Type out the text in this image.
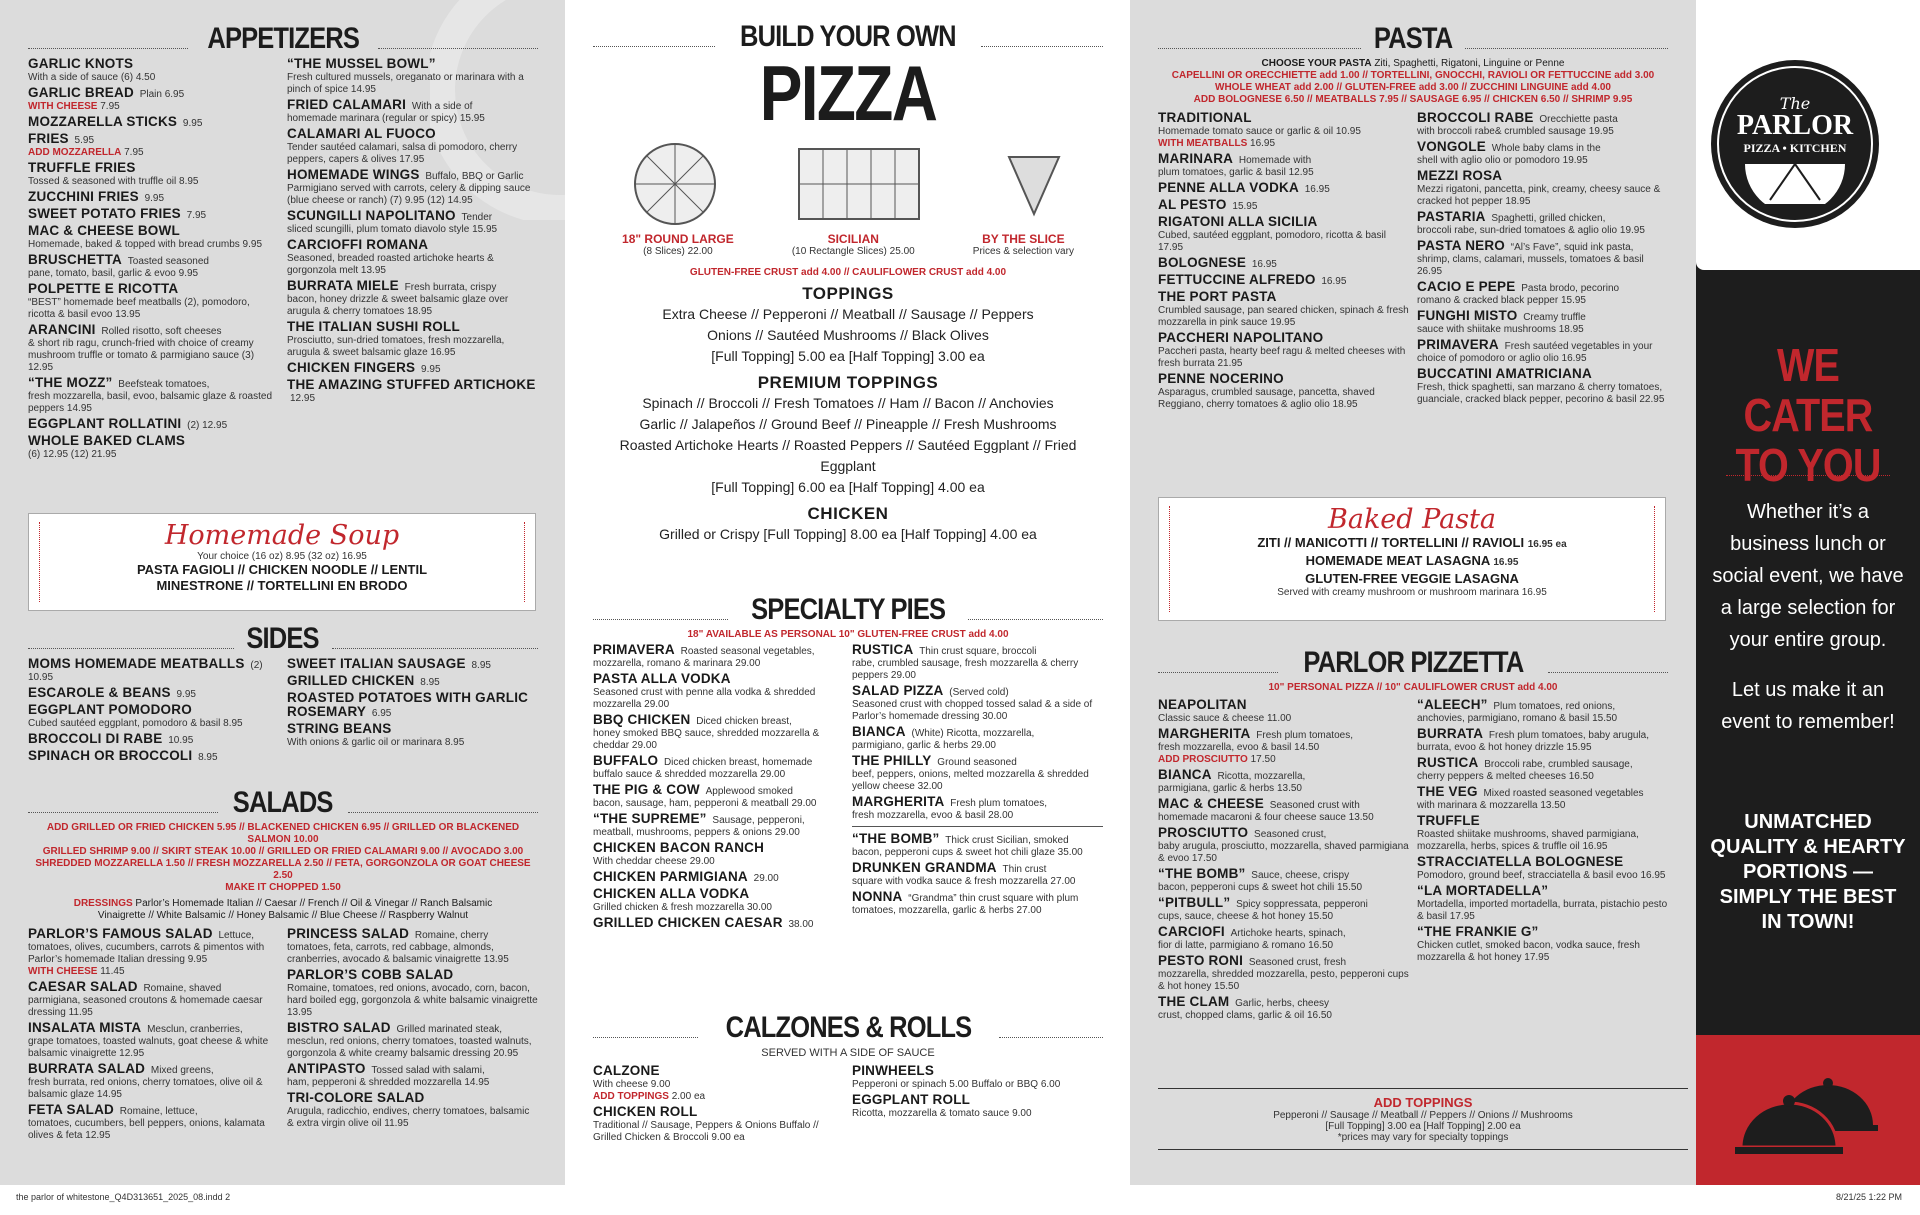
APPETIZERS
GARLIC KNOTS
With a side of sauce (6) 4.50
GARLIC BREAD Plain 6.95
WITH CHEESE 7.95
MOZZARELLA STICKS 9.95
FRIES 5.95
ADD MOZZARELLA 7.95
TRUFFLE FRIES
Tossed & seasoned with truffle oil 8.95
ZUCCHINI FRIES 9.95
SWEET POTATO FRIES 7.95
MAC & CHEESE BOWL
Homemade, baked & topped with bread crumbs 9.95
BRUSCHETTA Toasted seasoned
pane, tomato, basil, garlic & evoo 9.95
POLPETTE E RICOTTA
“BEST” homemade beef meatballs (2), pomodoro, ricotta & basil evoo 13.95
ARANCINI Rolled risotto, soft cheeses
& short rib ragu, crunch-fried with choice of creamy mushroom truffle or tomato & parmigiano sauce (3) 12.95
“THE MOZZ” Beefsteak tomatoes,
fresh mozzarella, basil, evoo, balsamic glaze & roasted peppers 14.95
EGGPLANT ROLLATINI (2) 12.95
WHOLE BAKED CLAMS
(6) 12.95 (12) 21.95
“THE MUSSEL BOWL”
Fresh cultured mussels, oreganato or marinara with a pinch of spice 14.95
FRIED CALAMARI With a side of
homemade marinara (regular or spicy) 15.95
CALAMARI AL FUOCO
Tender sautéed calamari, salsa di pomodoro, cherry peppers, capers & olives 17.95
HOMEMADE WINGS Buffalo, BBQ or Garlic
Parmigiano served with carrots, celery & dipping sauce (blue cheese or ranch) (7) 9.95 (12) 14.95
SCUNGILLI NAPOLITANO Tender
sliced scungilli, plum tomato diavolo style 15.95
CARCIOFFI ROMANA
Seasoned, breaded roasted artichoke hearts & gorgonzola melt 13.95
BURRATA MIELE Fresh burrata, crispy
bacon, honey drizzle & sweet balsamic glaze over arugula & cherry tomatoes 18.95
THE ITALIAN SUSHI ROLL
Prosciutto, sun-dried tomatoes, fresh mozzarella, arugula & sweet balsamic glaze 16.95
CHICKEN FINGERS 9.95
THE AMAZING STUFFED ARTICHOKE 12.95
Homemade Soup
Your choice (16 oz) 8.95 (32 oz) 16.95
PASTA FAGIOLI // CHICKEN NOODLE // LENTIL
MINESTRONE // TORTELLINI EN BRODO
SIDES
MOMS HOMEMADE MEATBALLS (2) 10.95
ESCAROLE & BEANS 9.95
EGGPLANT POMODORO
Cubed sautéed eggplant, pomodoro & basil 8.95
BROCCOLI DI RABE 10.95
SPINACH OR BROCCOLI 8.95
SWEET ITALIAN SAUSAGE 8.95
GRILLED CHICKEN 8.95
ROASTED POTATOES WITH GARLIC ROSEMARY 6.95
STRING BEANS
With onions & garlic oil or marinara 8.95
SALADS
ADD GRILLED OR FRIED CHICKEN 5.95 // BLACKENED CHICKEN 6.95 // GRILLED OR BLACKENED SALMON 10.00
GRILLED SHRIMP 9.00 // SKIRT STEAK 10.00 // GRILLED OR FRIED CALAMARI 9.00 // AVOCADO 3.00
SHREDDED MOZZARELLA 1.50 // FRESH MOZZARELLA 2.50 // FETA, GORGONZOLA OR GOAT CHEESE 2.50
MAKE IT CHOPPED 1.50
DRESSINGS Parlor’s Homemade Italian // Caesar // French // Oil & Vinegar // Ranch Balsamic Vinaigrette // White Balsamic // Honey Balsamic // Blue Cheese // Raspberry Walnut
PARLOR’S FAMOUS SALAD Lettuce,
tomatoes, olives, cucumbers, carrots & pimentos with Parlor’s homemade Italian dressing 9.95
WITH CHEESE 11.45
CAESAR SALAD Romaine, shaved
parmigiana, seasoned croutons & homemade caesar dressing 11.95
INSALATA MISTA Mesclun, cranberries,
grape tomatoes, toasted walnuts, goat cheese & white balsamic vinaigrette 12.95
BURRATA SALAD Mixed greens,
fresh burrata, red onions, cherry tomatoes, olive oil & balsamic glaze 14.95
FETA SALAD Romaine, lettuce,
tomatoes, cucumbers, bell peppers, onions, kalamata olives & feta 12.95
PRINCESS SALAD Romaine, cherry
tomatoes, feta, carrots, red cabbage, almonds, cranberries, avocado & balsamic vinaigrette 13.95
PARLOR’S COBB SALAD
Romaine, tomatoes, red onions, avocado, corn, bacon, hard boiled egg, gorgonzola & white balsamic vinaigrette 13.95
BISTRO SALAD Grilled marinated steak,
mesclun, red onions, cherry tomatoes, toasted walnuts, gorgonzola & white creamy balsamic dressing 20.95
ANTIPASTO Tossed salad with salami,
ham, pepperoni & shredded mozzarella 14.95
TRI-COLORE SALAD
Arugula, radicchio, endives, cherry tomatoes, balsamic & extra virgin olive oil 11.95
BUILD YOUR OWN
PIZZA
18" ROUND LARGE
(8 Slices) 22.00
SICILIAN
(10 Rectangle Slices) 25.00
BY THE SLICE
Prices & selection vary
GLUTEN-FREE CRUST add 4.00 // CAULIFLOWER CRUST add 4.00
TOPPINGS
Extra Cheese // Pepperoni // Meatball // Sausage // Peppers
Onions // Sautéed Mushrooms // Black Olives
[Full Topping] 5.00 ea [Half Topping] 3.00 ea
PREMIUM TOPPINGS
Spinach // Broccoli // Fresh Tomatoes // Ham // Bacon // Anchovies
Garlic // Jalapeños // Ground Beef // Pineapple // Fresh Mushrooms
Roasted Artichoke Hearts // Roasted Peppers // Sautéed Eggplant // Fried Eggplant
[Full Topping] 6.00 ea [Half Topping] 4.00 ea
CHICKEN
Grilled or Crispy [Full Topping] 8.00 ea [Half Topping] 4.00 ea
SPECIALTY PIES
18" AVAILABLE AS PERSONAL 10" GLUTEN-FREE CRUST add 4.00
PRIMAVERA Roasted seasonal vegetables,
mozzarella, romano & marinara 29.00
PASTA ALLA VODKA
Seasoned crust with penne alla vodka & shredded mozzarella 29.00
BBQ CHICKEN Diced chicken breast,
honey smoked BBQ sauce, shredded mozzarella & cheddar 29.00
BUFFALO Diced chicken breast, homemade
buffalo sauce & shredded mozzarella 29.00
THE PIG & COW Applewood smoked
bacon, sausage, ham, pepperoni & meatball 29.00
“THE SUPREME” Sausage, pepperoni,
meatball, mushrooms, peppers & onions 29.00
CHICKEN BACON RANCH
With cheddar cheese 29.00
CHICKEN PARMIGIANA 29.00
CHICKEN ALLA VODKA
Grilled chicken & fresh mozzarella 30.00
GRILLED CHICKEN CAESAR 38.00
RUSTICA Thin crust square, broccoli
rabe, crumbled sausage, fresh mozzarella & cherry peppers 29.00
SALAD PIZZA (Served cold)
Seasoned crust with chopped tossed salad & a side of Parlor’s homemade dressing 30.00
BIANCA (White) Ricotta, mozzarella,
parmigiano, garlic & herbs 29.00
THE PHILLY Ground seasoned
beef, peppers, onions, melted mozzarella & shredded yellow cheese 32.00
MARGHERITA Fresh plum tomatoes,
fresh mozzarella, evoo & basil 28.00
“THE BOMB” Thick crust Sicilian, smoked
bacon, pepperoni cups & sweet hot chili glaze 35.00
DRUNKEN GRANDMA Thin crust
square with vodka sauce & fresh mozzarella 27.00
NONNA “Grandma” thin crust square with plum
tomatoes, mozzarella, garlic & herbs 27.00
CALZONES & ROLLS
SERVED WITH A SIDE OF SAUCE
CALZONE
With cheese 9.00
ADD TOPPINGS 2.00 ea
CHICKEN ROLL
Traditional // Sausage, Peppers & Onions Buffalo // Grilled Chicken & Broccoli 9.00 ea
PINWHEELS
Pepperoni or spinach 5.00 Buffalo or BBQ 6.00
EGGPLANT ROLL
Ricotta, mozzarella & tomato sauce 9.00
PASTA
CHOOSE YOUR PASTA Ziti, Spaghetti, Rigatoni, Linguine or Penne
CAPELLINI OR ORECCHIETTE add 1.00 // TORTELLINI, GNOCCHI, RAVIOLI OR FETTUCCINE add 3.00
WHOLE WHEAT add 2.00 // GLUTEN-FREE add 3.00 // ZUCCHINI LINGUINE add 4.00
ADD BOLOGNESE 6.50 // MEATBALLS 7.95 // SAUSAGE 6.95 // CHICKEN 6.50 // SHRIMP 9.95
TRADITIONAL
Homemade tomato sauce or garlic & oil 10.95
WITH MEATBALLS 16.95
MARINARA Homemade with
plum tomatoes, garlic & basil 12.95
PENNE ALLA VODKA 16.95
AL PESTO 15.95
RIGATONI ALLA SICILIA
Cubed, sautéed eggplant, pomodoro, ricotta & basil 17.95
BOLOGNESE 16.95
FETTUCCINE ALFREDO 16.95
THE PORT PASTA
Crumbled sausage, pan seared chicken, spinach & fresh mozzarella in pink sauce 19.95
PACCHERI NAPOLITANO
Paccheri pasta, hearty beef ragu & melted cheeses with fresh burrata 21.95
PENNE NOCERINO
Asparagus, crumbled sausage, pancetta, shaved Reggiano, cherry tomatoes & aglio olio 18.95
BROCCOLI RABE Orecchiette pasta
with broccoli rabe& crumbled sausage 19.95
VONGOLE Whole baby clams in the
shell with aglio olio or pomodoro 19.95
MEZZI ROSA
Mezzi rigatoni, pancetta, pink, creamy, cheesy sauce & cracked hot pepper 18.95
PASTARIA Spaghetti, grilled chicken,
broccoli rabe, sun-dried tomatoes & aglio olio 19.95
PASTA NERO “Al’s Fave”, squid ink pasta,
shrimp, clams, calamari, mussels, tomatoes & basil 26.95
CACIO E PEPE Pasta brodo, pecorino
romano & cracked black pepper 15.95
FUNGHI MISTO Creamy truffle
sauce with shiitake mushrooms 18.95
PRIMAVERA Fresh sautéed vegetables in your
choice of pomodoro or aglio olio 16.95
BUCCATINI AMATRICIANA
Fresh, thick spaghetti, san marzano & cherry tomatoes, guanciale, cracked black pepper, pecorino & basil 22.95
Baked Pasta
ZITI // MANICOTTI // TORTELLINI // RAVIOLI 16.95 ea
HOMEMADE MEAT LASAGNA 16.95
GLUTEN-FREE VEGGIE LASAGNA
Served with creamy mushroom or mushroom marinara 16.95
PARLOR PIZZETTA
10" PERSONAL PIZZA // 10" CAULIFLOWER CRUST add 4.00
NEAPOLITAN
Classic sauce & cheese 11.00
MARGHERITA Fresh plum tomatoes,
fresh mozzarella, evoo & basil 14.50
ADD PROSCIUTTO 17.50
BIANCA Ricotta, mozzarella,
parmigiana, garlic & herbs 13.50
MAC & CHEESE Seasoned crust with
homemade macaroni & four cheese sauce 13.50
PROSCIUTTO Seasoned crust,
baby arugula, prosciutto, mozzarella, shaved parmigiana & evoo 17.50
“THE BOMB” Sauce, cheese, crispy
bacon, pepperoni cups & sweet hot chili 15.50
“PITBULL” Spicy soppressata, pepperoni
cups, sauce, cheese & hot honey 15.50
CARCIOFI Artichoke hearts, spinach,
fior di latte, parmigiano & romano 16.50
PESTO RONI Seasoned crust, fresh
mozzarella, shredded mozzarella, pesto, pepperoni cups & hot honey 15.50
THE CLAM Garlic, herbs, cheesy
crust, chopped clams, garlic & oil 16.50
“ALEECH” Plum tomatoes, red onions,
anchovies, parmigiano, romano & basil 15.50
BURRATA Fresh plum tomatoes, baby arugula,
burrata, evoo & hot honey drizzle 15.95
RUSTICA Broccoli rabe, crumbled sausage,
cherry peppers & melted cheeses 16.50
THE VEG Mixed roasted seasoned vegetables
with marinara & mozzarella 13.50
TRUFFLE
Roasted shiitake mushrooms, shaved parmigiana, mozzarella, herbs, spices & truffle oil 16.95
STRACCIATELLA BOLOGNESE
Pomodoro, ground beef, stracciatella & basil evoo 16.95
“LA MORTADELLA”
Mortadella, imported mortadella, burrata, pistachio pesto & basil 17.95
“THE FRANKIE G”
Chicken cutlet, smoked bacon, vodka sauce, fresh mozzarella & hot honey 17.95
ADD TOPPINGS
Pepperoni // Sausage // Meatball // Peppers // Onions // Mushrooms
[Full Topping] 3.00 ea [Half Topping] 2.00 ea
*prices may vary for specialty toppings
The
PARLOR
PIZZA • KITCHEN
WE CATER
TO YOU
Whether it’s a business lunch or social event, we have a large selection for your entire group.
Let us make it an event to remember!
UNMATCHED QUALITY & HEARTY PORTIONS — SIMPLY THE BEST IN TOWN!
the parlor of whitestone_Q4D313651_2025_08.indd 2	8/21/25 1:22 PM
